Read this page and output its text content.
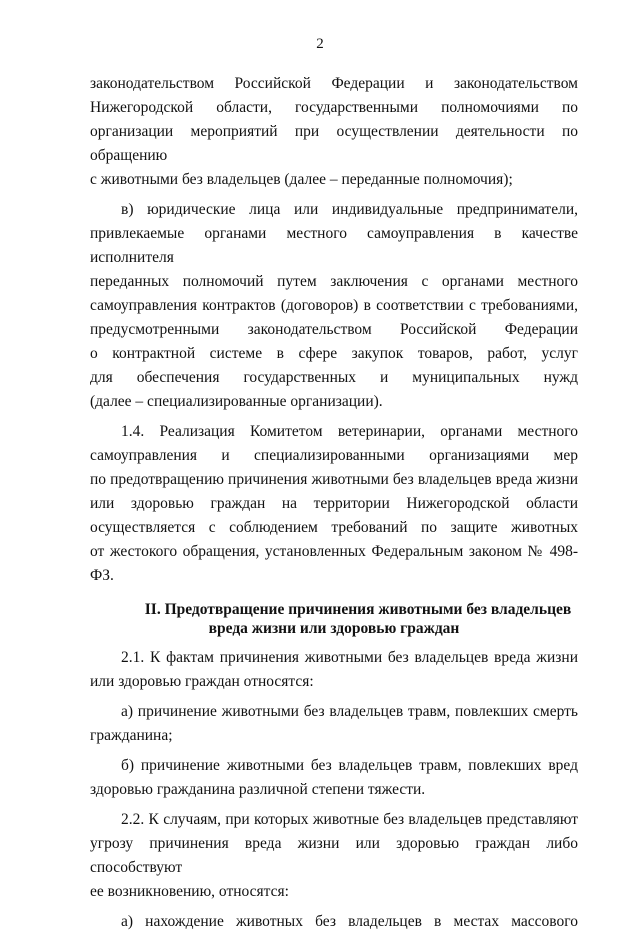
2

законодательством Российской Федерации и законодательством
Нижегородской области, государственными полномочиями по
организации мероприятий при осуществлении деятельности по обращению
с животными без владельцев (далее – переданные полномочия);

в) юридические лица или индивидуальные предприниматели,
привлекаемые органами местного самоуправления в качестве исполнителя
переданных полномочий путем заключения с органами местного
самоуправления контрактов (договоров) в соответствии с требованиями,
предусмотренными законодательством Российской Федерации
о контрактной системе в сфере закупок товаров, работ, услуг
для обеспечения государственных и муниципальных нужд
(далее – специализированные организации).

1.4. Реализация Комитетом ветеринарии, органами местного
самоуправления и специализированными организациями мер
по предотвращению причинения животными без владельцев вреда жизни
или здоровью граждан на территории Нижегородской области
осуществляется с соблюдением требований по защите животных
от жестокого обращения, установленных Федеральным законом № 498-ФЗ.

II. Предотвращение причинения животными без владельцев
вреда жизни или здоровью граждан

2.1. К фактам причинения животными без владельцев вреда жизни
или здоровью граждан относятся:

а) причинение животными без владельцев травм, повлекших смерть
гражданина;

б) причинение животными без владельцев травм, повлекших вред
здоровью гражданина различной степени тяжести.

2.2. К случаям, при которых животные без владельцев представляют
угрозу причинения вреда жизни или здоровью граждан либо способствуют
ее возникновению, относятся:

а) нахождение животных без владельцев в местах массового
